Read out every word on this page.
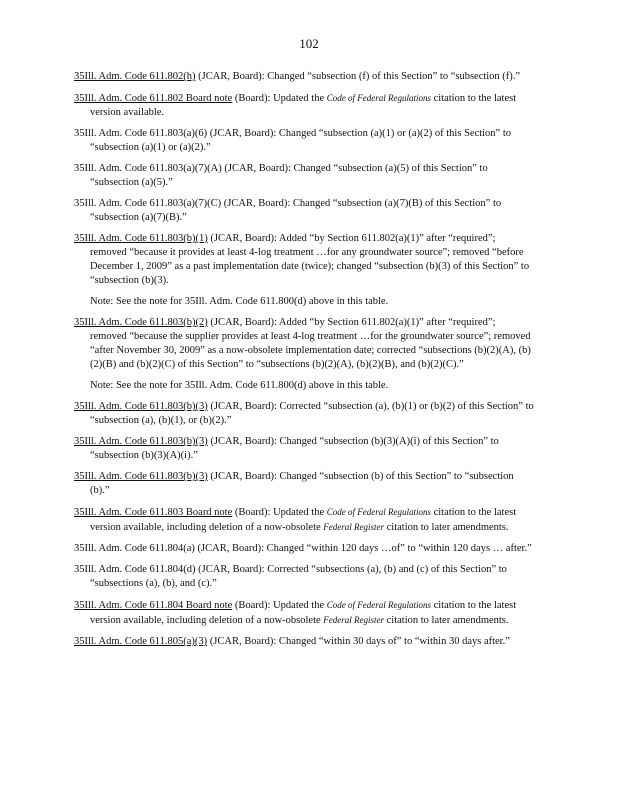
102

35Ill. Adm. Code 611.802(h) (JCAR, Board): Changed “subsection (f) of this Section” to “subsection (f).”

35Ill. Adm. Code 611.802 Board note (Board): Updated the Code of Federal Regulations citation to the latest version available.

35Ill. Adm. Code 611.803(a)(6) (JCAR, Board): Changed “subsection (a)(1) or (a)(2) of this Section” to “subsection (a)(1) or (a)(2).”

35Ill. Adm. Code 611.803(a)(7)(A) (JCAR, Board): Changed “subsection (a)(5) of this Section” to “subsection (a)(5).”

35Ill. Adm. Code 611.803(a)(7)(C) (JCAR, Board): Changed “subsection (a)(7)(B) of this Section” to “subsection (a)(7)(B).”

35Ill. Adm. Code 611.803(b)(1) (JCAR, Board): Added “by Section 611.802(a)(1)” after “required”; removed “because it provides at least 4-log treatment …for any groundwater source”; removed “before December 1, 2009” as a past implementation date (twice); changed “subsection (b)(3) of this Section” to “subsection (b)(3).

Note: See the note for 35Ill. Adm. Code 611.800(d) above in this table.

35Ill. Adm. Code 611.803(b)(2) (JCAR, Board): Added “by Section 611.802(a)(1)” after “required”; removed “because the supplier provides at least 4-log treatment …for the groundwater source”; removed “after November 30, 2009” as a now-obsolete implementation date; corrected “subsections (b)(2)(A), (b)(2)(B) and (b)(2)(C) of this Section” to “subsections (b)(2)(A), (b)(2)(B), and (b)(2)(C).”

Note: See the note for 35Ill. Adm. Code 611.800(d) above in this table.

35Ill. Adm. Code 611.803(b)(3) (JCAR, Board): Corrected “subsection (a), (b)(1) or (b)(2) of this Section” to “subsection (a), (b)(1), or (b)(2).”

35Ill. Adm. Code 611.803(b)(3) (JCAR, Board): Changed “subsection (b)(3)(A)(i) of this Section” to “subsection (b)(3)(A)(i).”

35Ill. Adm. Code 611.803(b)(3) (JCAR, Board): Changed “subsection (b) of this Section” to “subsection (b).”

35Ill. Adm. Code 611.803 Board note (Board): Updated the Code of Federal Regulations citation to the latest version available, including deletion of a now-obsolete Federal Register citation to later amendments.

35Ill. Adm. Code 611.804(a) (JCAR, Board): Changed “within 120 days …of” to “within 120 days … after.”

35Ill. Adm. Code 611.804(d) (JCAR, Board): Corrected “subsections (a), (b) and (c) of this Section” to “subsections (a), (b), and (c).”

35Ill. Adm. Code 611.804 Board note (Board): Updated the Code of Federal Regulations citation to the latest version available, including deletion of a now-obsolete Federal Register citation to later amendments.

35Ill. Adm. Code 611.805(a)(3) (JCAR, Board): Changed “within 30 days of” to “within 30 days after.”
